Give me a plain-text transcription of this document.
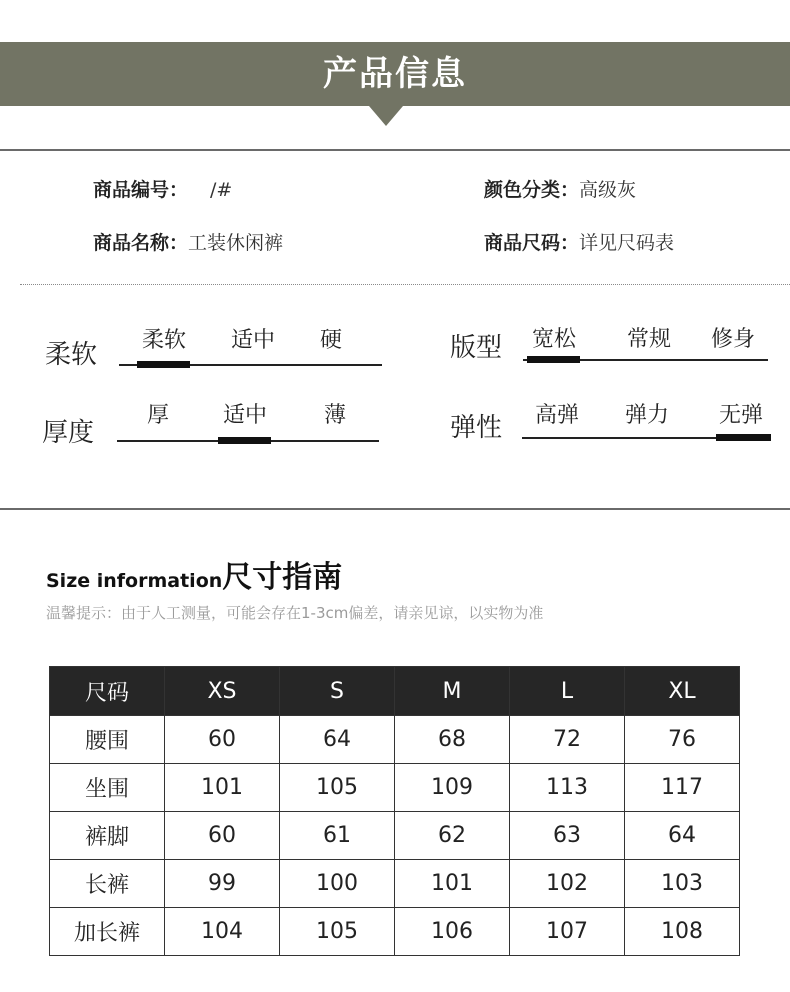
产品信息
商品编号： /#	颜色分类：高级灰
商品名称：工装休闲裤	商品尺码：详见尺码表
柔软 柔软 适中 硬	版型 宽松 常规 修身
厚度
厚 适中	薄	弹性 高弹 弹力 无弹
Size information尺寸指南
温馨提示：由于人工测量，可能会存在1-3cm偏差，请亲见谅，以实物为准
尺码	XS	S	M	L	XL
腰围	60	64	68	72	76
坐围	101	105	109	113	117
裤脚	60	61	62	63	64
长裤	99	100	101	102	103
加长裤	104	105	106	107	108
